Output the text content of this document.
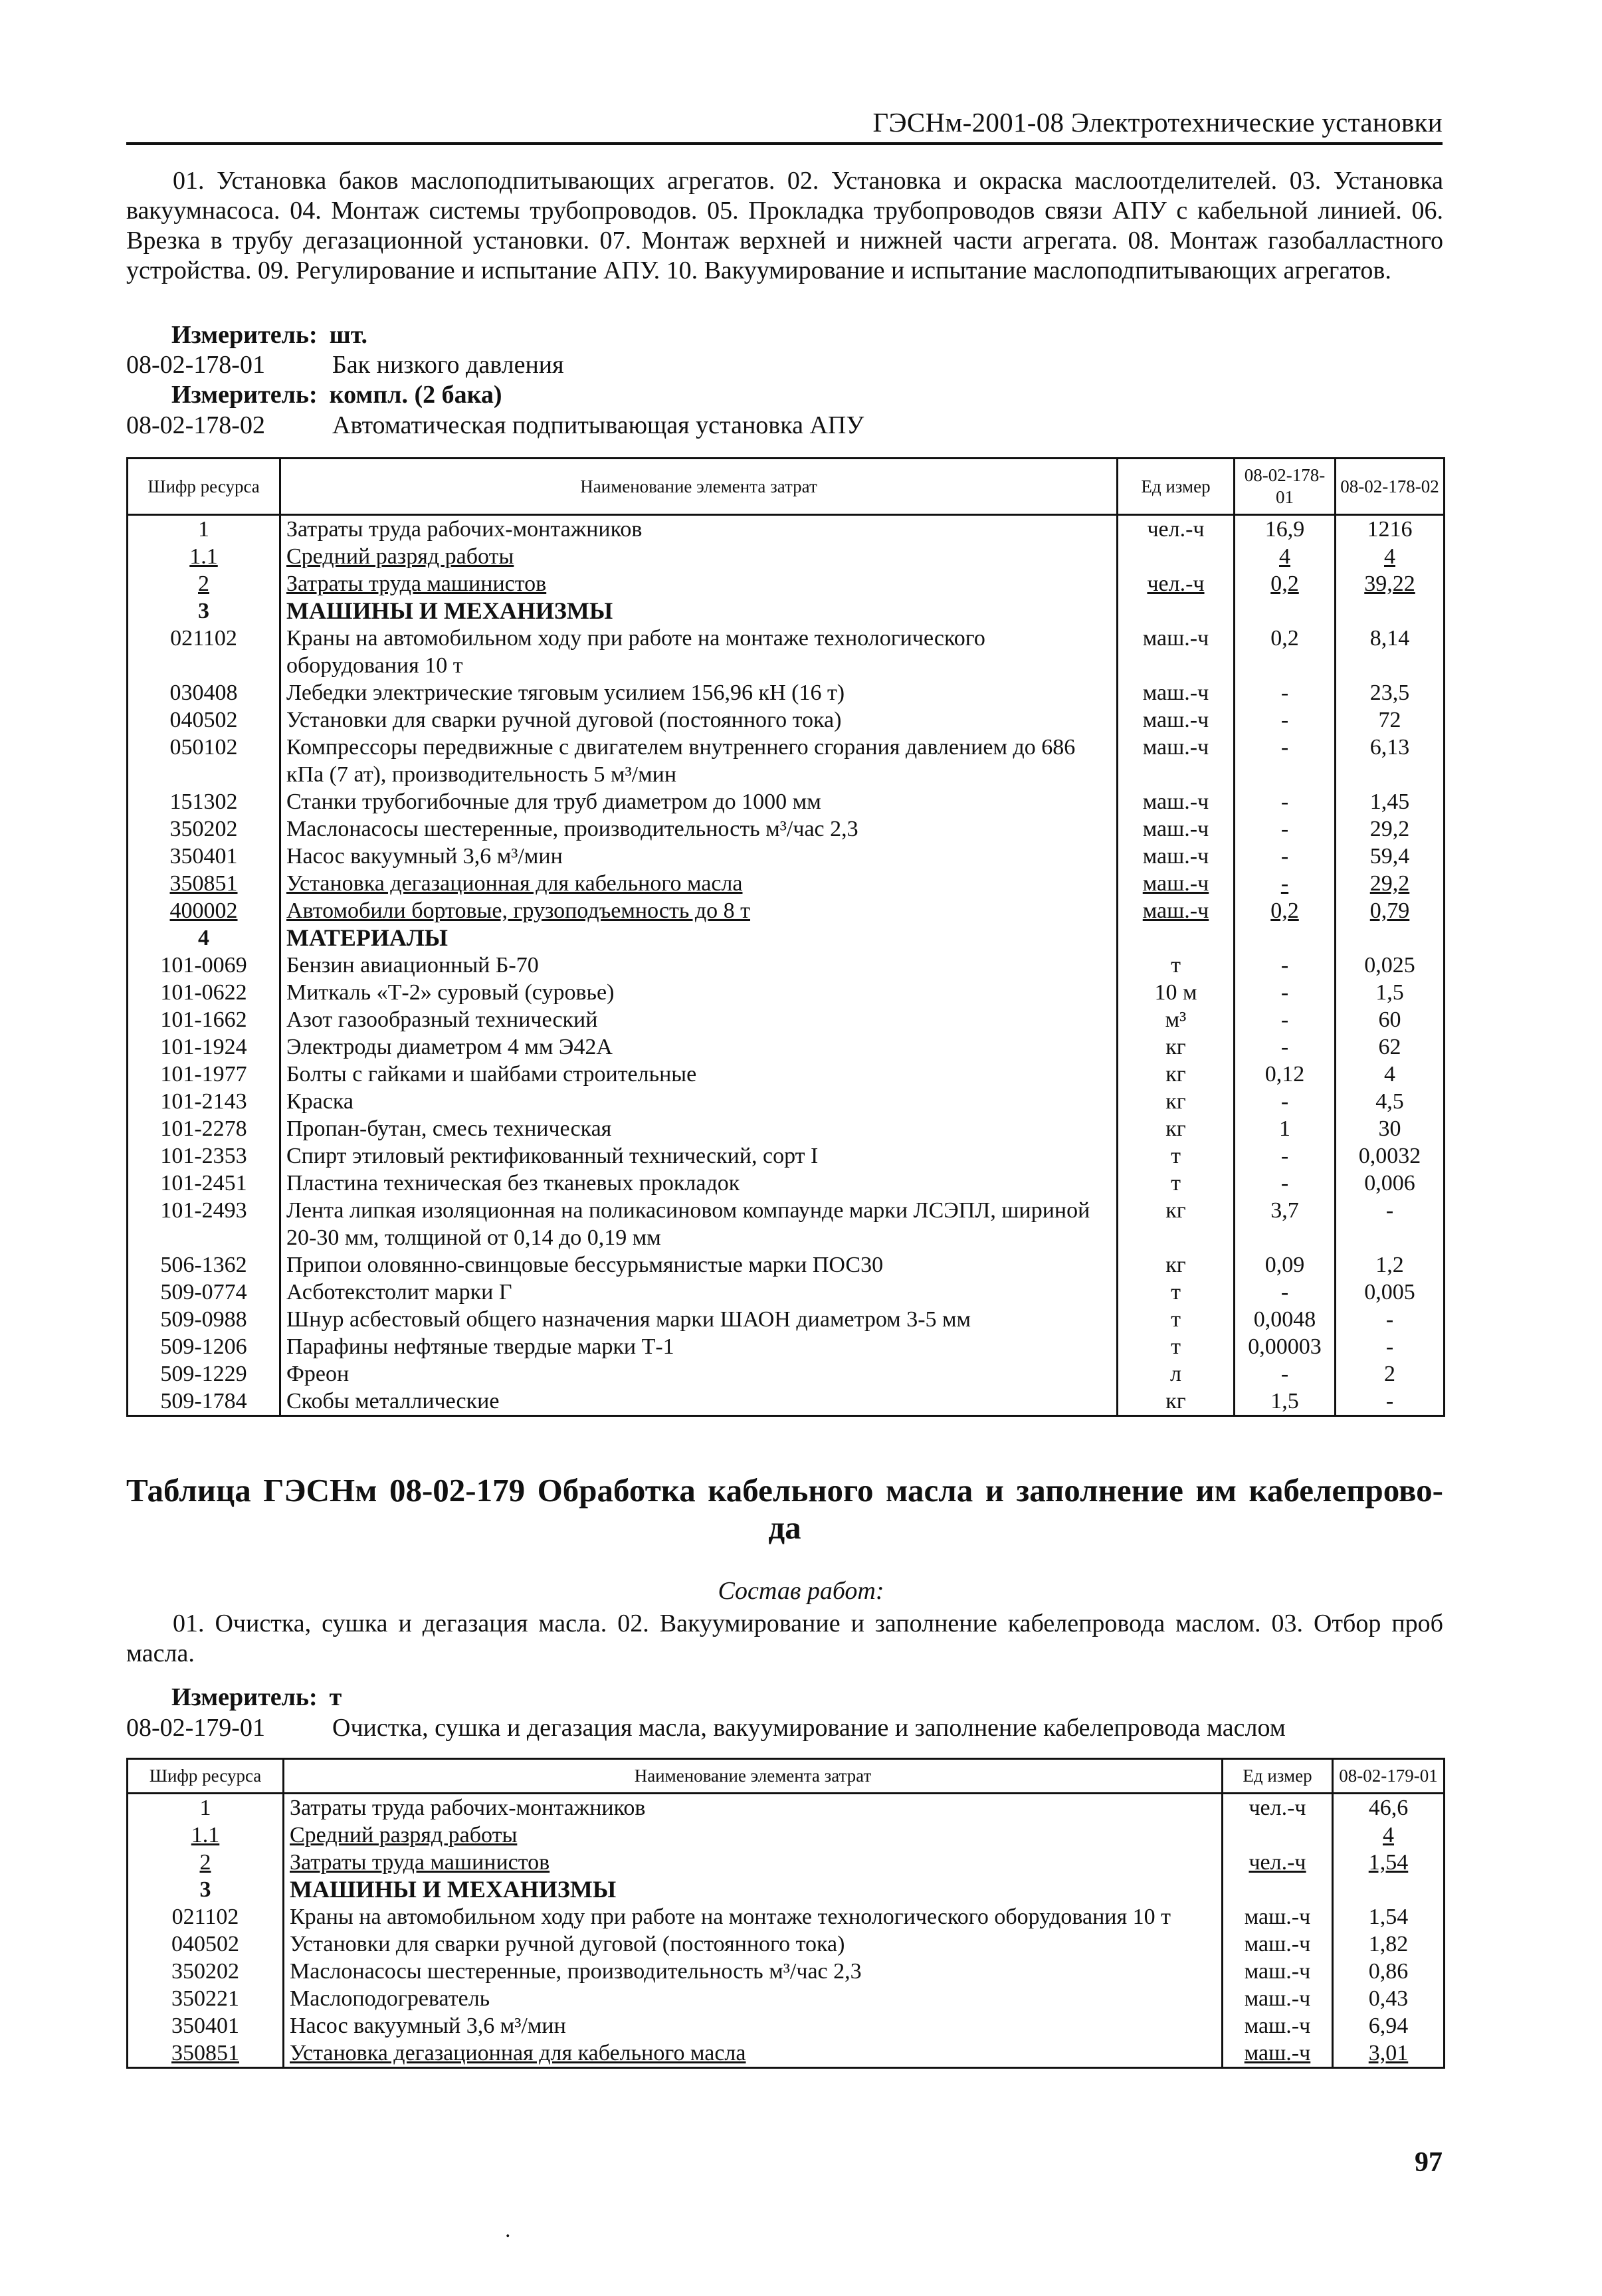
ГЭСНм-2001-08 Электротехнические установки
01. Установка баков маслоподпитывающих агрегатов. 02. Установка и окраска маслоотделителей. 03. Установка вакуумнасоса. 04. Монтаж системы трубопроводов. 05. Прокладка трубопроводов связи АПУ с кабельной линией. 06. Врезка в трубу дегазационной установки. 07. Монтаж верхней и нижней части агрегата. 08. Монтаж газобалластного устройства. 09. Регулирование и испытание АПУ. 10. Вакуумирование и испытание маслоподпитывающих агрегатов.
Измеритель: шт.
08-02-178-01	Бак низкого давления
Измеритель: компл. (2 бака)
08-02-178-02	Автоматическая подпитывающая установка АПУ
Шифр ресурса	Наименование элемента затрат	Ед измер	08-02-178-01	08-02-178-02
1	Затраты труда рабочих-монтажников	чел.-ч	16,9	1216
1.1	Средний разряд работы		4	4
2	Затраты труда машинистов	чел.-ч	0,2	39,22
3	МАШИНЫ И МЕХАНИЗМЫ			
021102	Краны на автомобильном ходу при работе на монтаже технологического оборудования 10 т	маш.-ч	0,2	8,14
030408	Лебедки электрические тяговым усилием 156,96 кН (16 т)	маш.-ч	-	23,5
040502	Установки для сварки ручной дуговой (постоянного тока)	маш.-ч	-	72
050102	Компрессоры передвижные с двигателем внутреннего сгорания давлением до 686 кПа (7 ат), производительность 5 м³/мин	маш.-ч	-	6,13
151302	Станки трубогибочные для труб диаметром до 1000 мм	маш.-ч	-	1,45
350202	Маслонасосы шестеренные, производительность м³/час 2,3	маш.-ч	-	29,2
350401	Насос вакуумный 3,6 м³/мин	маш.-ч	-	59,4
350851	Установка дегазационная для кабельного масла	маш.-ч	-	29,2
400002	Автомобили бортовые, грузоподъемность до 8 т	маш.-ч	0,2	0,79
4	МАТЕРИАЛЫ			
101-0069	Бензин авиационный Б-70	т	-	0,025
101-0622	Миткаль «Т-2» суровый (суровье)	10 м	-	1,5
101-1662	Азот газообразный технический	м³	-	60
101-1924	Электроды диаметром 4 мм Э42А	кг	-	62
101-1977	Болты с гайками и шайбами строительные	кг	0,12	4
101-2143	Краска	кг	-	4,5
101-2278	Пропан-бутан, смесь техническая	кг	1	30
101-2353	Спирт этиловый ректификованный технический, сорт I	т	-	0,0032
101-2451	Пластина техническая без тканевых прокладок	т	-	0,006
101-2493	Лента липкая изоляционная на поликасиновом компаунде марки ЛСЭПЛ, шириной 20-30 мм, толщиной от 0,14 до 0,19 мм	кг	3,7	-
506-1362	Припои оловянно-свинцовые бессурьмянистые марки ПОС30	кг	0,09	1,2
509-0774	Асботекстолит марки Г	т	-	0,005
509-0988	Шнур асбестовый общего назначения марки ШАОН диаметром 3-5 мм	т	0,0048	-
509-1206	Парафины нефтяные твердые марки Т-1	т	0,00003	-
509-1229	Фреон	л	-	2
509-1784	Скобы металлические	кг	1,5	-
Таблица ГЭСНм 08-02-179 Обработка кабельного масла и заполнение им кабелепрово-
да
Состав работ:
01. Очистка, сушка и дегазация масла. 02. Вакуумирование и заполнение кабелепровода маслом. 03. Отбор проб масла.
Измеритель: т
08-02-179-01	Очистка, сушка и дегазация масла, вакуумирование и заполнение кабелепровода маслом
Шифр ресурса	Наименование элемента затрат	Ед измер	08-02-179-01
1	Затраты труда рабочих-монтажников	чел.-ч	46,6
1.1	Средний разряд работы		4
2	Затраты труда машинистов	чел.-ч	1,54
3	МАШИНЫ И МЕХАНИЗМЫ		
021102	Краны на автомобильном ходу при работе на монтаже технологического оборудования 10 т	маш.-ч	1,54
040502	Установки для сварки ручной дуговой (постоянного тока)	маш.-ч	1,82
350202	Маслонасосы шестеренные, производительность м³/час 2,3	маш.-ч	0,86
350221	Маслоподогреватель	маш.-ч	0,43
350401	Насос вакуумный 3,6 м³/мин	маш.-ч	6,94
350851	Установка дегазационная для кабельного масла	маш.-ч	3,01
97
.
